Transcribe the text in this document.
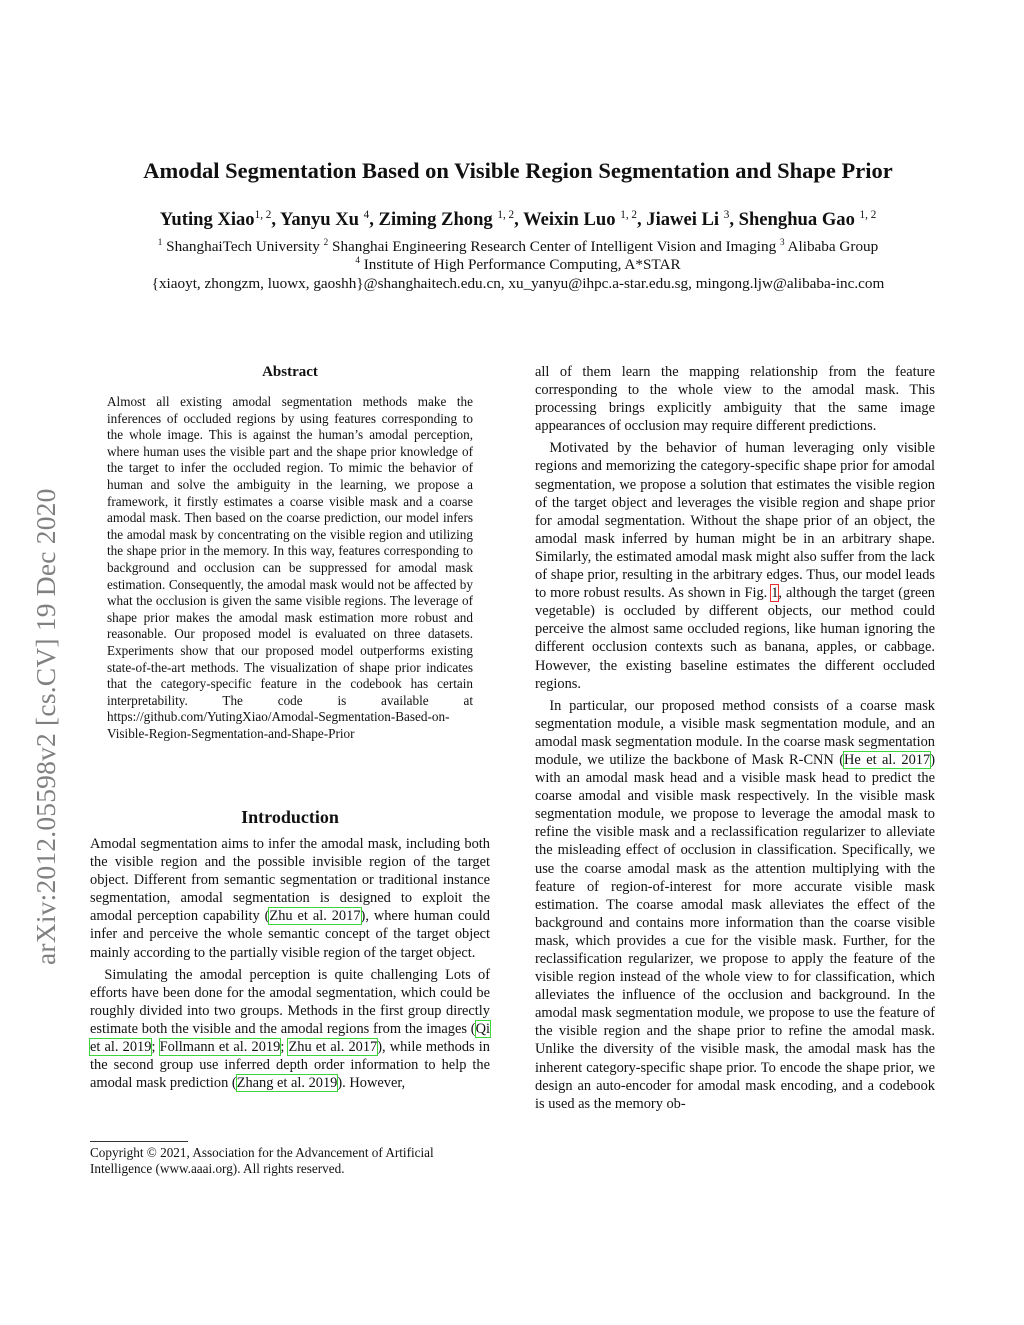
arXiv:2012.05598v2 [cs.CV] 19 Dec 2020
Amodal Segmentation Based on Visible Region Segmentation and Shape Prior
Yuting Xiao$^{1, 2}$, Yanyu Xu $^4$, Ziming Zhong $^{1, 2}$, Weixin Luo $^{1, 2}$, Jiawei Li $^3$, Shenghua Gao $^{1, 2}$
$^1$ ShanghaiTech University $^2$ Shanghai Engineering Research Center of Intelligent Vision and Imaging $^3$ Alibaba Group
$^4$ Institute of High Performance Computing, A*STAR
{xiaoyt, zhongzm, luowx, gaoshh}@shanghaitech.edu.cn, xu_yanyu@ihpc.a-star.edu.sg, mingong.ljw@alibaba-inc.com
Abstract

Almost all existing amodal segmentation methods make the inferences of occluded regions by using features corresponding to the whole image. This is against the human’s amodal perception, where human uses the visible part and the shape prior knowledge of the target to infer the occluded region. To mimic the behavior of human and solve the ambiguity in the learning, we propose a framework, it firstly estimates a coarse visible mask and a coarse amodal mask. Then based on the coarse prediction, our model infers the amodal mask by concentrating on the visible region and utilizing the shape prior in the memory. In this way, features corresponding to background and occlusion can be suppressed for amodal mask estimation. Consequently, the amodal mask would not be affected by what the occlusion is given the same visible regions. The leverage of shape prior makes the amodal mask estimation more robust and reasonable. Our proposed model is evaluated on three datasets. Experiments show that our proposed model outperforms existing state-of-the-art methods. The visualization of shape prior indicates that the category-specific feature in the codebook has certain interpretability. The code is available at https://github.com/YutingXiao/Amodal-Segmentation-Based-on-Visible-Region-Segmentation-and-Shape-Prior

Introduction

Amodal segmentation aims to infer the amodal mask, including both the visible region and the possible invisible region of the target object. Different from semantic segmentation or traditional instance segmentation, amodal segmentation is designed to exploit the amodal perception capability (Zhu et al. 2017), where human could infer and perceive the whole semantic concept of the target object mainly according to the partially visible region of the target object.

Simulating the amodal perception is quite challenging Lots of efforts have been done for the amodal segmentation, which could be roughly divided into two groups. Methods in the first group directly estimate both the visible and the amodal regions from the images (Qi et al. 2019; Follmann et al. 2019; Zhu et al. 2017), while methods in the second group use inferred depth order information to help the amodal mask prediction (Zhang et al. 2019). However,

Copyright © 2021, Association for the Advancement of Artificial Intelligence (www.aaai.org). All rights reserved.

all of them learn the mapping relationship from the feature corresponding to the whole view to the amodal mask. This processing brings explicitly ambiguity that the same image appearances of occlusion may require different predictions.

Motivated by the behavior of human leveraging only visible regions and memorizing the category-specific shape prior for amodal segmentation, we propose a solution that estimates the visible region of the target object and leverages the visible region and shape prior for amodal segmentation. Without the shape prior of an object, the amodal mask inferred by human might be in an arbitrary shape. Similarly, the estimated amodal mask might also suffer from the lack of shape prior, resulting in the arbitrary edges. Thus, our model leads to more robust results. As shown in Fig. 1, although the target (green vegetable) is occluded by different objects, our method could perceive the almost same occluded regions, like human ignoring the different occlusion contexts such as banana, apples, or cabbage. However, the existing baseline estimates the different occluded regions.

In particular, our proposed method consists of a coarse mask segmentation module, a visible mask segmentation module, and an amodal mask segmentation module. In the coarse mask segmentation module, we utilize the backbone of Mask R-CNN (He et al. 2017) with an amodal mask head and a visible mask head to predict the coarse amodal and visible mask respectively. In the visible mask segmentation module, we propose to leverage the amodal mask to refine the visible mask and a reclassification regularizer to alleviate the misleading effect of occlusion in classification. Specifically, we use the coarse amodal mask as the attention multiplying with the feature of region-of-interest for more accurate visible mask estimation. The coarse amodal mask alleviates the effect of the background and contains more information than the coarse visible mask, which provides a cue for the visible mask. Further, for the reclassification regularizer, we propose to apply the feature of the visible region instead of the whole view to for classification, which alleviates the influence of the occlusion and background. In the amodal mask segmentation module, we propose to use the feature of the visible region and the shape prior to refine the amodal mask. Unlike the diversity of the visible mask, the amodal mask has the inherent category-specific shape prior. To encode the shape prior, we design an auto-encoder for amodal mask encoding, and a codebook is used as the memory ob-
